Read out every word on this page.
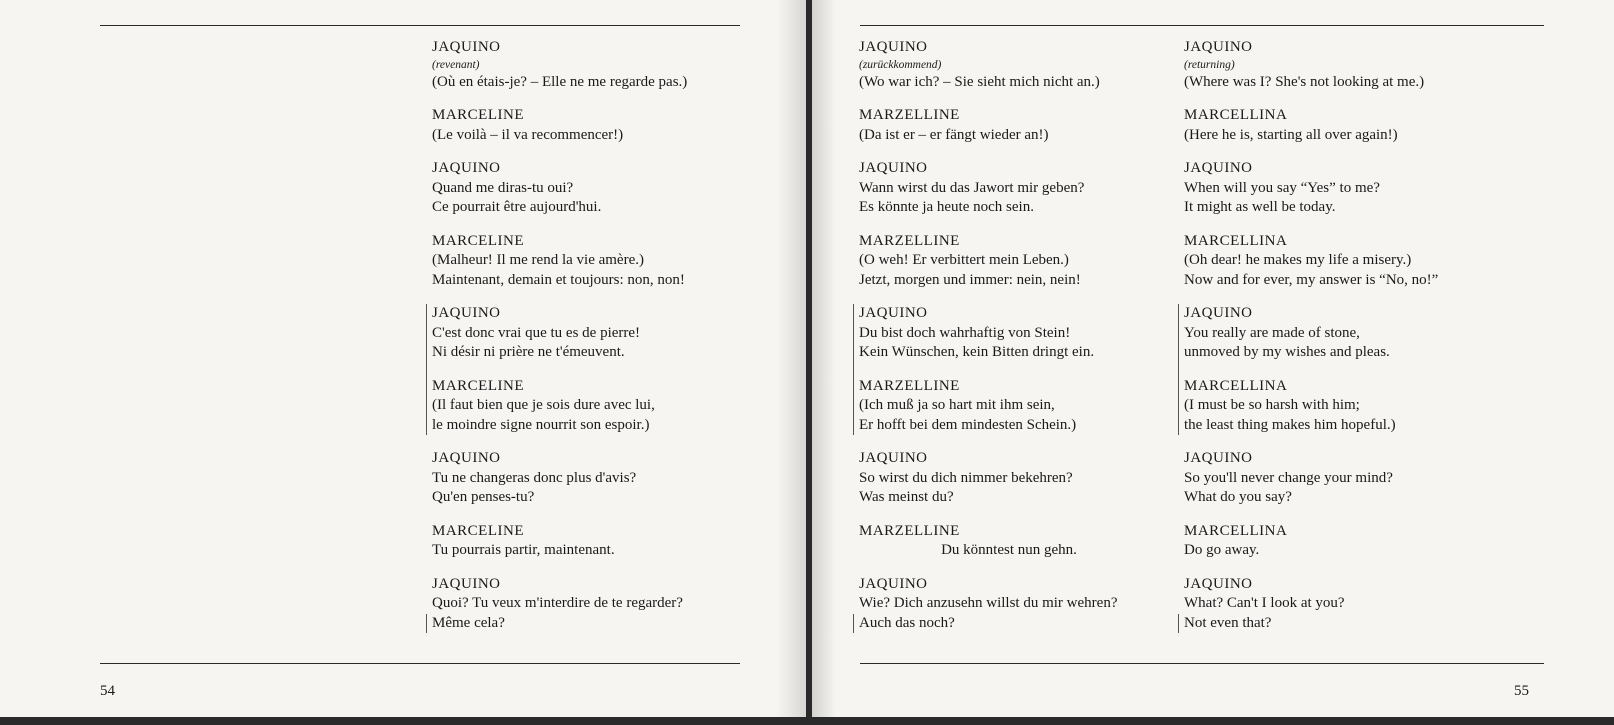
JAQUINO
(revenant)
(Où en étais-je? – Elle ne me regarde pas.)
MARCELINE
(Le voilà – il va recommencer!)
JAQUINO
Quand me diras-tu oui?
Ce pourrait être aujourd'hui.
MARCELINE
(Malheur! Il me rend la vie amère.)
Maintenant, demain et toujours: non, non!
JAQUINO
C'est donc vrai que tu es de pierre!
Ni désir ni prière ne t'émeuvent.
MARCELINE
(Il faut bien que je sois dure avec lui,
le moindre signe nourrit son espoir.)
JAQUINO
Tu ne changeras donc plus d'avis?
Qu'en penses-tu?
MARCELINE
Tu pourrais partir, maintenant.
JAQUINO
Quoi? Tu veux m'interdire de te regarder?
Même cela?
54
JAQUINO
(zurückkommend)
(Wo war ich? – Sie sieht mich nicht an.)
MARZELLINE
(Da ist er – er fängt wieder an!)
JAQUINO
Wann wirst du das Jawort mir geben?
Es könnte ja heute noch sein.
MARZELLINE
(O weh! Er verbittert mein Leben.)
Jetzt, morgen und immer: nein, nein!
JAQUINO
Du bist doch wahrhaftig von Stein!
Kein Wünschen, kein Bitten dringt ein.
MARZELLINE
(Ich muß ja so hart mit ihm sein,
Er hofft bei dem mindesten Schein.)
JAQUINO
So wirst du dich nimmer bekehren?
Was meinst du?
MARZELLINE
Du könntest nun gehn.
JAQUINO
Wie? Dich anzusehn willst du mir wehren?
Auch das noch?
JAQUINO
(returning)
(Where was I? She's not looking at me.)
MARCELLINA
(Here he is, starting all over again!)
JAQUINO
When will you say “Yes” to me?
It might as well be today.
MARCELLINA
(Oh dear! he makes my life a misery.)
Now and for ever, my answer is “No, no!”
JAQUINO
You really are made of stone,
unmoved by my wishes and pleas.
MARCELLINA
(I must be so harsh with him;
the least thing makes him hopeful.)
JAQUINO
So you'll never change your mind?
What do you say?
MARCELLINA
Do go away.
JAQUINO
What? Can't I look at you?
Not even that?
55
